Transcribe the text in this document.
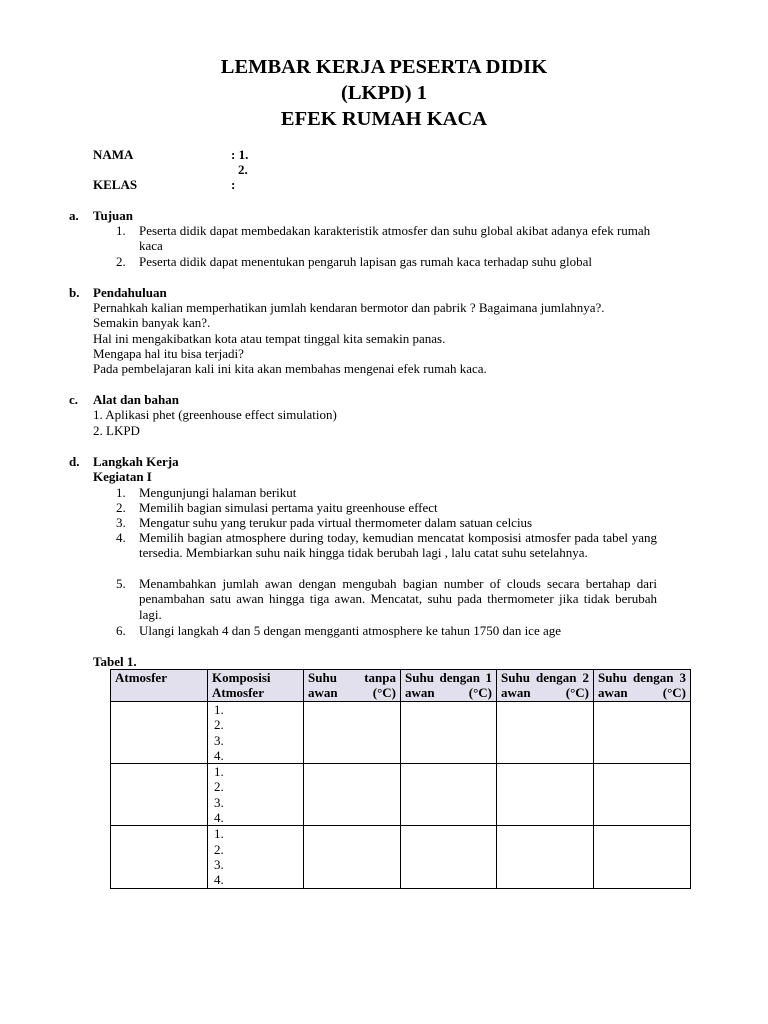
LEMBAR KERJA PESERTA DIDIK
(LKPD) 1
EFEK RUMAH KACA
NAMA	: 1.
2.
KELAS	:
a. Tujuan
1. Peserta didik dapat membedakan karakteristik atmosfer dan suhu global akibat adanya efek rumah kaca
2. Peserta didik dapat menentukan pengaruh lapisan gas rumah kaca terhadap suhu global
b. Pendahuluan
Pernahkah kalian memperhatikan jumlah kendaran bermotor dan pabrik ? Bagaimana jumlahnya?.
Semakin banyak kan?.
Hal ini mengakibatkan kota atau tempat tinggal kita semakin panas.
Mengapa hal itu bisa terjadi?
Pada pembelajaran kali ini kita akan membahas mengenai efek rumah kaca.
c. Alat dan bahan
1. Aplikasi phet (greenhouse effect simulation)
2. LKPD
d. Langkah Kerja
Kegiatan I
1. Mengunjungi halaman berikut
2. Memilih bagian simulasi pertama yaitu greenhouse effect
3. Mengatur suhu yang terukur pada virtual thermometer dalam satuan celcius
4. Memilih bagian atmosphere during today, kemudian mencatat komposisi atmosfer pada tabel yang tersedia. Membiarkan suhu naik hingga tidak berubah lagi , lalu catat suhu setelahnya.
5. Menambahkan jumlah awan dengan mengubah bagian number of clouds secara bertahap dari penambahan satu awan hingga tiga awan. Mencatat, suhu pada thermometer jika tidak berubah lagi.
6. Ulangi langkah 4 dan 5 dengan mengganti atmosphere ke tahun 1750 dan ice age
Tabel 1.
Atmosfer	Komposisi Atmosfer	Suhu tanpa awan (°C)	Suhu dengan 1 awan (°C)	Suhu dengan 2 awan (°C)	Suhu dengan 3 awan (°C)

	1.
2.
3.
4.				

	1.
2.
3.
4.				

	1.
2.
3.
4.				
